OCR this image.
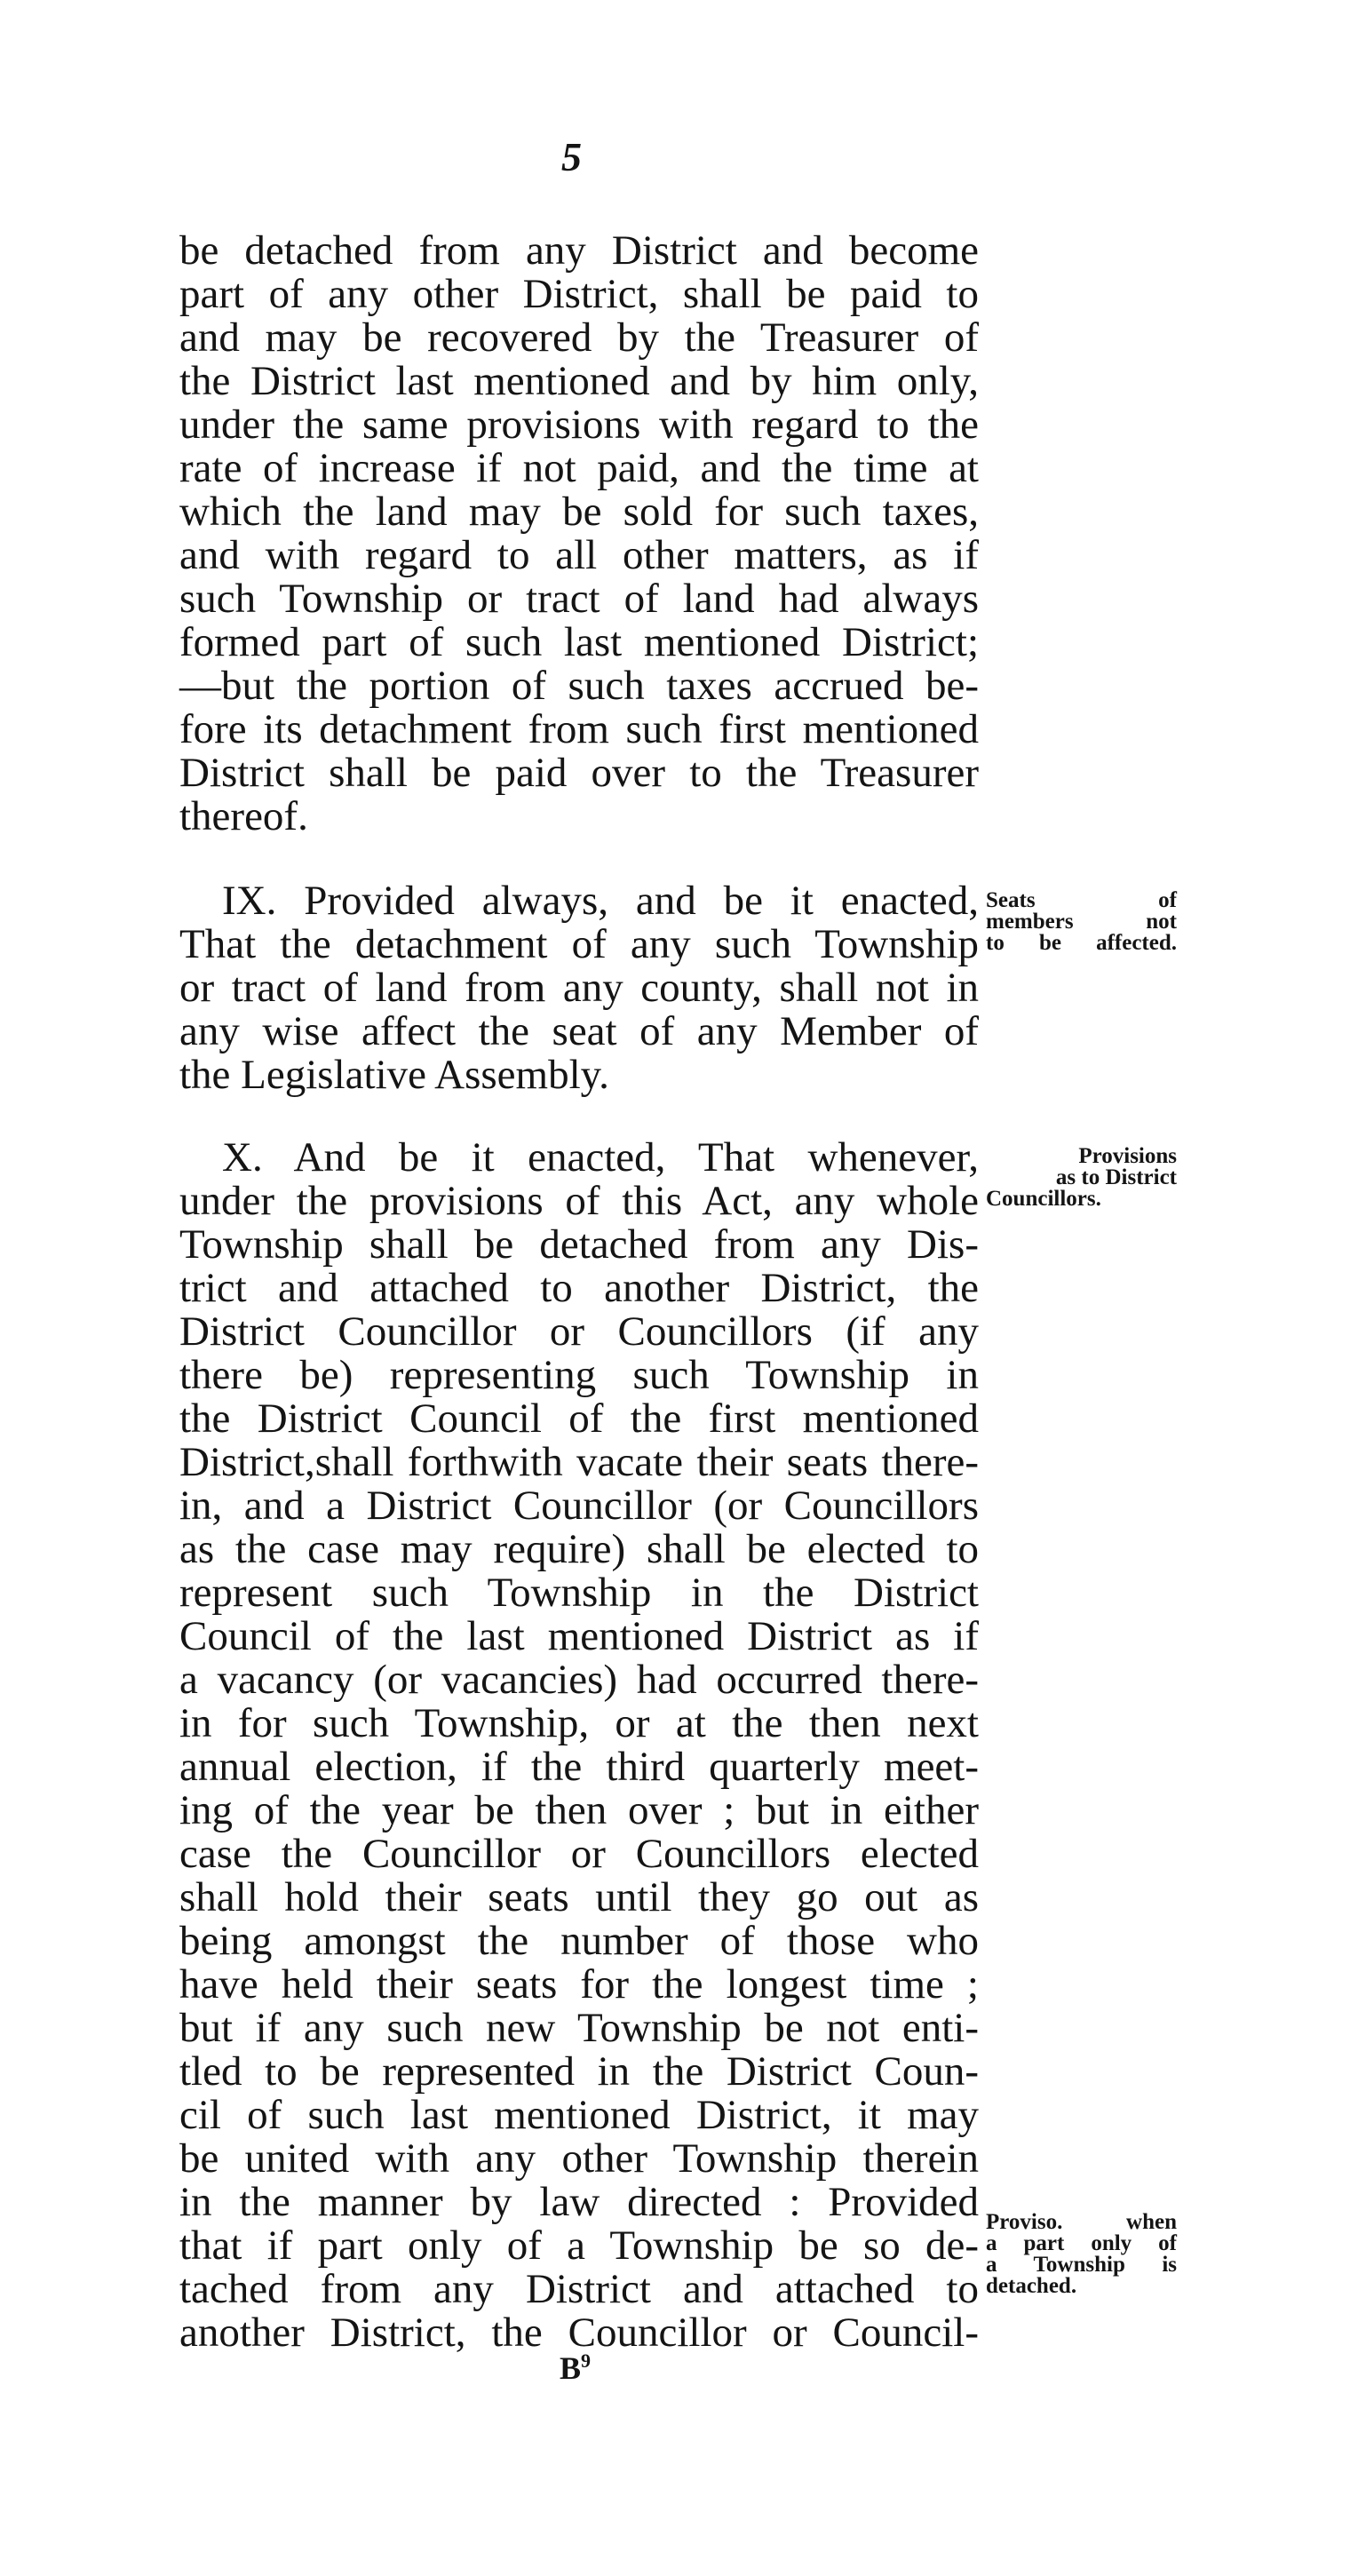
5
be detached from any District and become
part of any other District, shall be paid to
and may be recovered by the Treasurer of
the District last mentioned and by him only,
under the same provisions with regard to the
rate of increase if not paid, and the time at
which the land may be sold for such taxes,
and with regard to all other matters, as if
such Township or tract of land had always
formed part of such last mentioned District;
—but the portion of such taxes accrued be-
fore its detachment from such first mentioned
District shall be paid over to the Treasurer
thereof.
IX. Provided always, and be it enacted,
That the detachment of any such Township
or tract of land from any county, shall not in
any wise affect the seat of any Member of
the Legislative Assembly.
Seats of
members not
to be affected.
X. And be it enacted, That whenever,
under the provisions of this Act, any whole
Township shall be detached from any Dis-
trict and attached to another District, the
District Councillor or Councillors (if any
there be) representing such Township in
the District Council of the first mentioned
District,shall forthwith vacate their seats there-
in, and a District Councillor (or Councillors
as the case may require) shall be elected to
represent such Township in the District
Council of the last mentioned District as if
a vacancy (or vacancies) had occurred there-
in for such Township, or at the then next
annual election, if the third quarterly meet-
ing of the year be then over ; but in either
case the Councillor or Councillors elected
shall hold their seats until they go out as
being amongst the number of those who
have held their seats for the longest time ;
but if any such new Township be not enti-
tled to be represented in the District Coun-
cil of such last mentioned District, it may
be united with any other Township therein
in the manner by law directed : Provided
that if part only of a Township be so de-
tached from any District and attached to
another District, the Councillor or Council-
Provisions
as to District
Councillors.
Proviso. when
a part only of
a Township is
detached.
$B^9$
